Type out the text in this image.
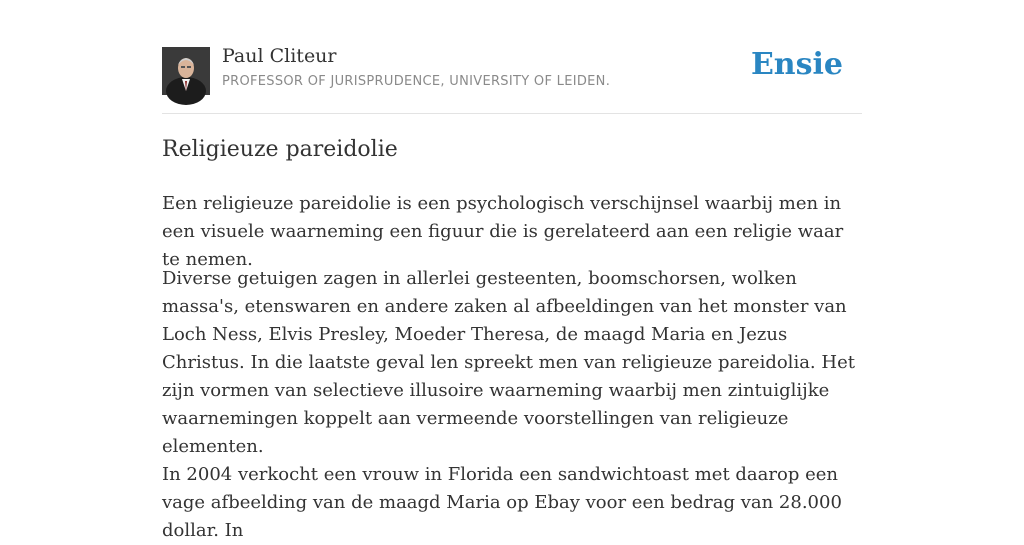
Paul Cliteur
PROFESSOR OF JURISPRUDENCE, UNIVERSITY OF LEIDEN.	Ensie
Religieuze pareidolie

Een religieuze pareidolie is een psychologisch verschijnsel waarbij men in een visuele waarneming een figuur die is gerelateerd aan een religie waar te nemen.

Diverse getuigen zagen in allerlei gesteenten, boomschorsen, wolken massa's, etenswaren en andere zaken al afbeeldingen van het monster van Loch Ness, Elvis Presley, Moeder Theresa, de maagd Maria en Jezus Christus. In die laatste geval len spreekt men van religieuze pareidolia. Het zijn vormen van selectieve illusoire waarneming waarbij men zintuiglijke waarnemingen koppelt aan vermeende voorstellingen van religieuze elementen.

In 2004 verkocht een vrouw in Florida een sandwichtoast met daarop een vage afbeelding van de maagd Maria op Ebay voor een bedrag van 28.000 dollar. In
